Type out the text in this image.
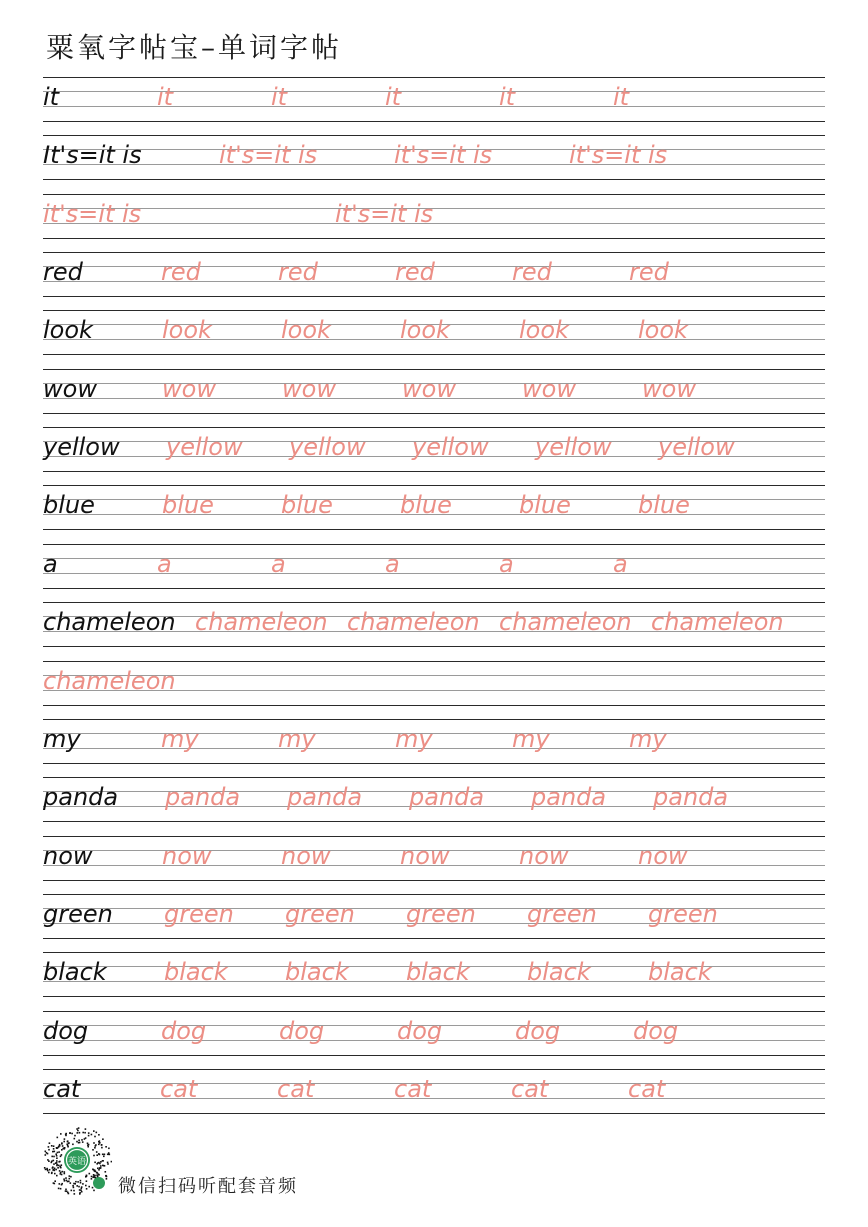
粟氧字帖宝–单词字帖
it	it	it	it	it	it
It's=it is	it's=it is	it's=it is	it's=it is
it's=it is	it's=it is
red	red	red	red	red	red
look	look	look	look	look	look
wow	wow	wow	wow	wow	wow
yellow yellow yellow yellow yellow yellow
blue	blue	blue	blue	blue	blue
a	a	a	a	a	a
chameleon chameleon chameleon chameleon chameleon
chameleon
my	my	my	my	my	my
panda panda panda panda panda panda
now	now	now	now	now	now
green green green green green green
black black black black black black
dog	dog	dog	dog	dog	dog
cat	cat	cat	cat	cat	cat
英语
微信扫码听配套音频
